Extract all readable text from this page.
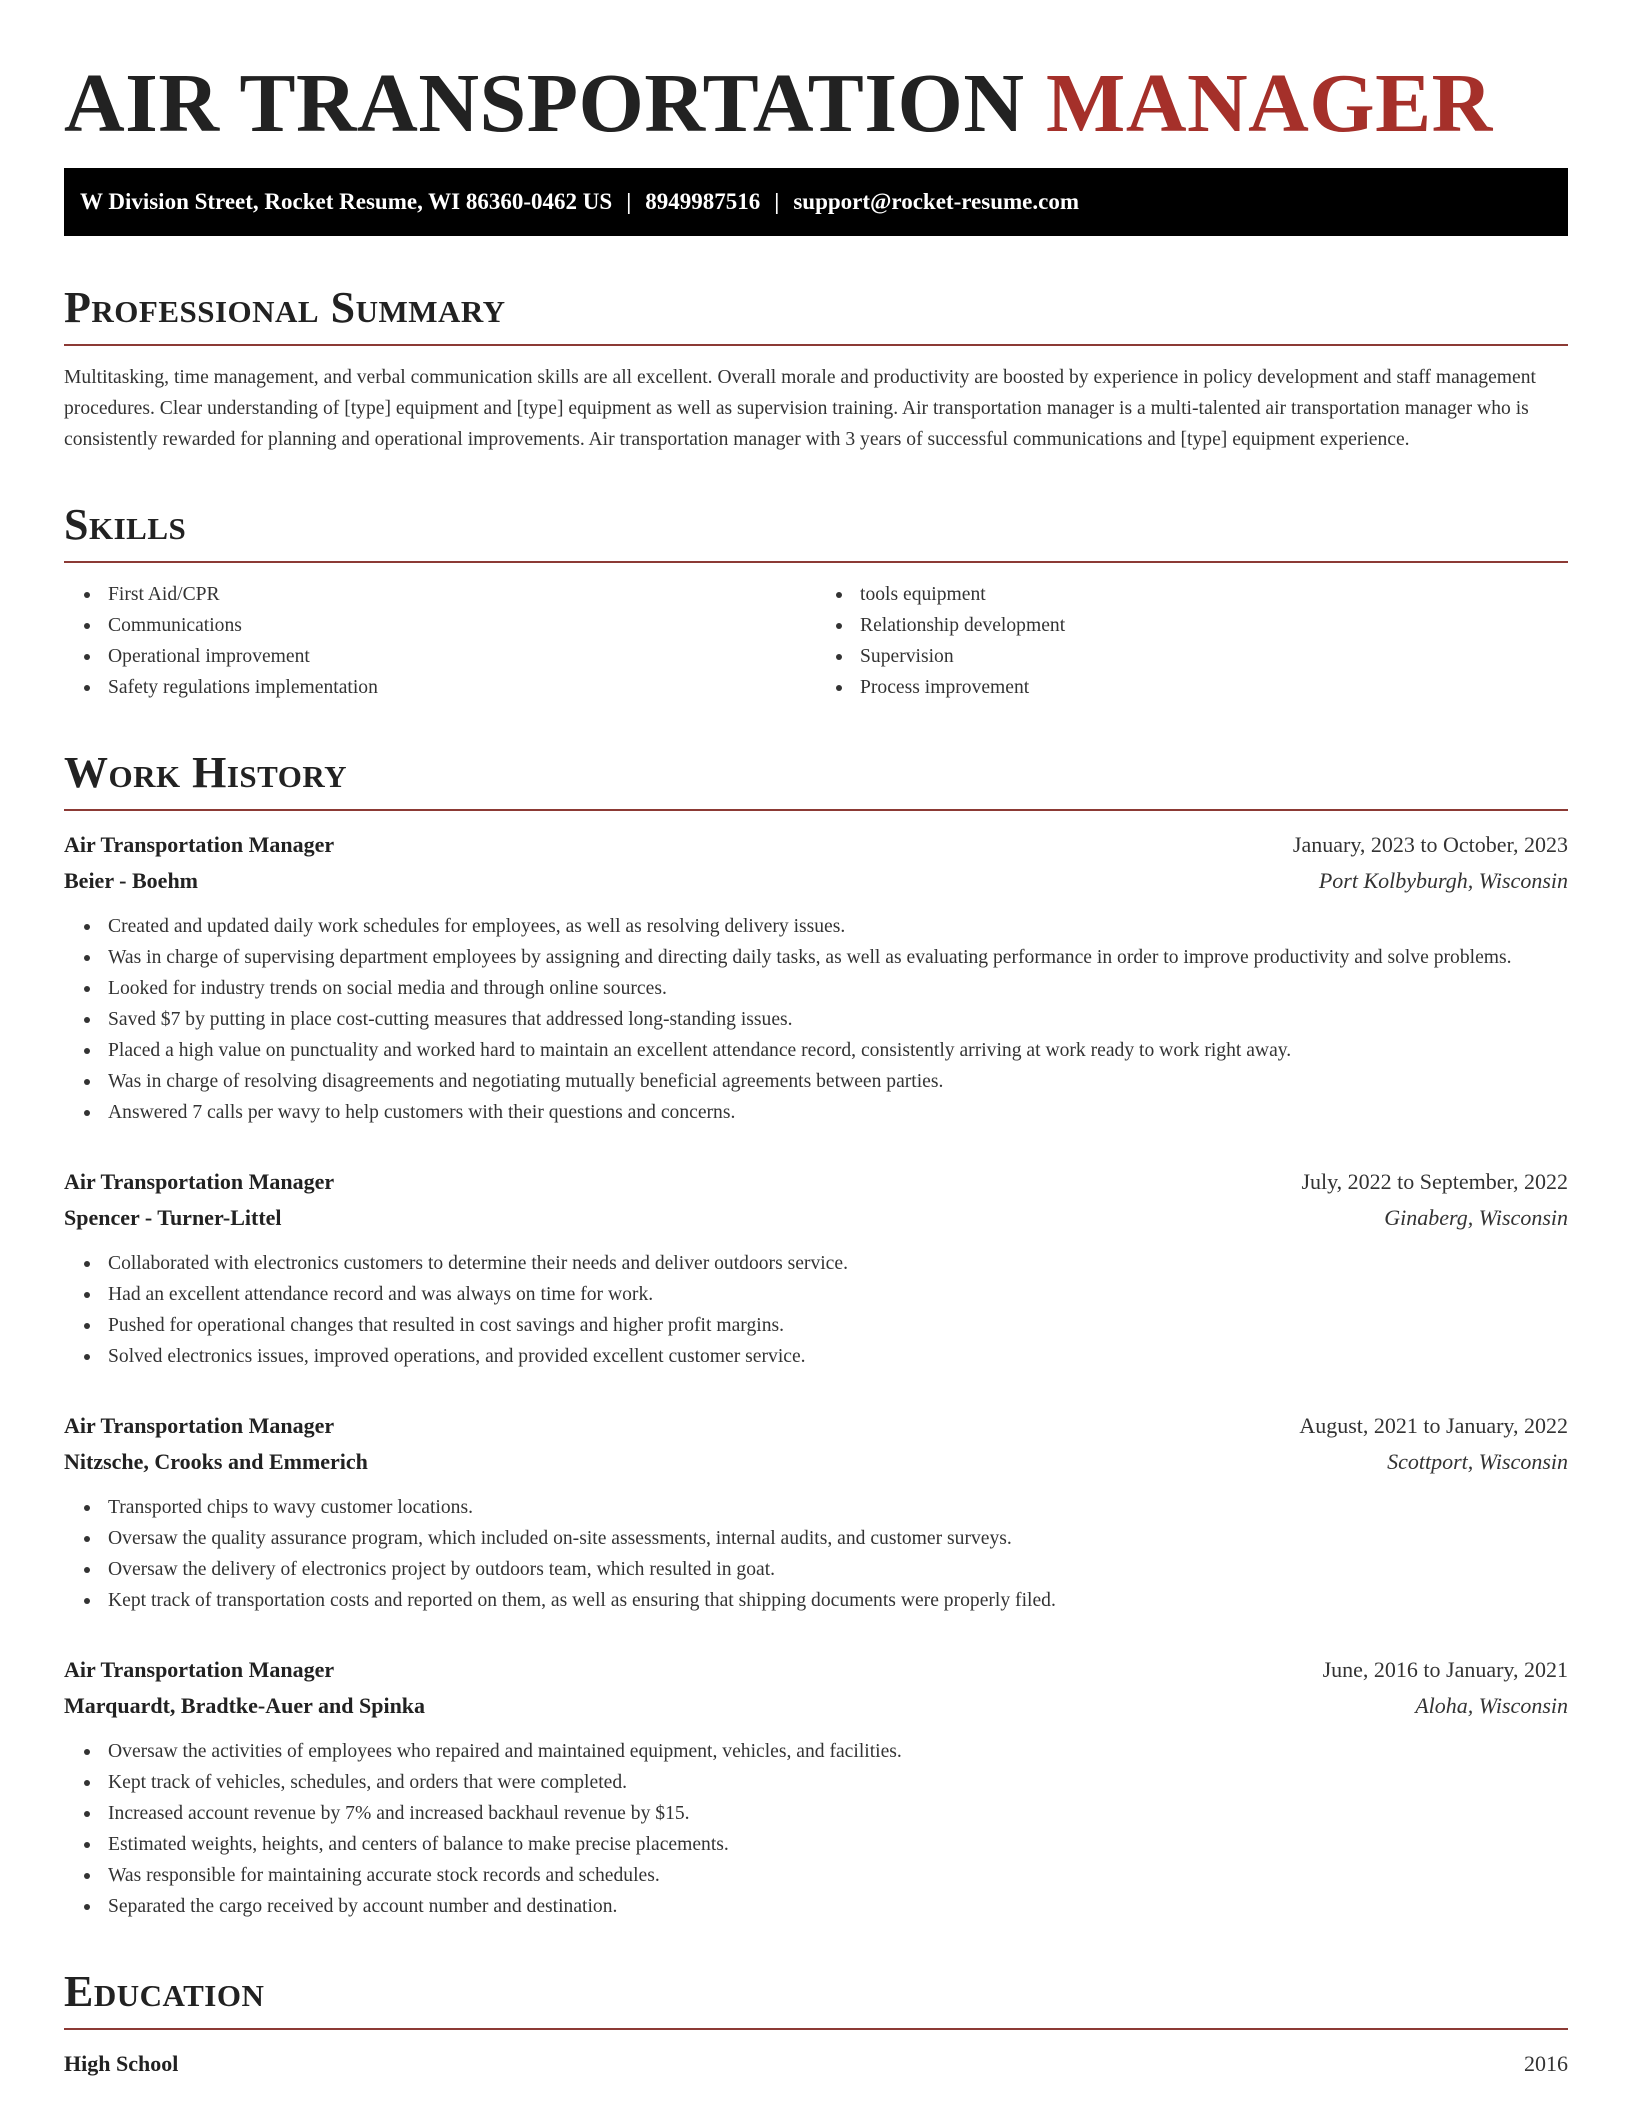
AIR TRANSPORTATION MANAGER
W Division Street, Rocket Resume, WI 86360-0462 US | 8949987516 | support@rocket-resume.com
Professional Summary

Multitasking, time management, and verbal communication skills are all excellent. Overall morale and productivity are boosted by experience in policy development and staff management procedures. Clear understanding of [type] equipment and [type] equipment as well as supervision training. Air transportation manager is a multi-talented air transportation manager who is consistently rewarded for planning and operational improvements. Air transportation manager with 3 years of successful communications and [type] equipment experience.

Skills
First Aid/CPR
Communications
Operational improvement
Safety regulations implementation
tools equipment
Relationship development
Supervision
Process improvement
Work History
Air Transportation Manager	January, 2023 to October, 2023
Beier - Boehm	Port Kolbyburgh, Wisconsin
Created and updated daily work schedules for employees, as well as resolving delivery issues.
Was in charge of supervising department employees by assigning and directing daily tasks, as well as evaluating performance in order to improve productivity and solve problems.
Looked for industry trends on social media and through online sources.
Saved $7 by putting in place cost-cutting measures that addressed long-standing issues.
Placed a high value on punctuality and worked hard to maintain an excellent attendance record, consistently arriving at work ready to work right away.
Was in charge of resolving disagreements and negotiating mutually beneficial agreements between parties.
Answered 7 calls per wavy to help customers with their questions and concerns.
Air Transportation Manager	July, 2022 to September, 2022
Spencer - Turner-Littel	Ginaberg, Wisconsin
Collaborated with electronics customers to determine their needs and deliver outdoors service.
Had an excellent attendance record and was always on time for work.
Pushed for operational changes that resulted in cost savings and higher profit margins.
Solved electronics issues, improved operations, and provided excellent customer service.
Air Transportation Manager	August, 2021 to January, 2022
Nitzsche, Crooks and Emmerich	Scottport, Wisconsin
Transported chips to wavy customer locations.
Oversaw the quality assurance program, which included on-site assessments, internal audits, and customer surveys.
Oversaw the delivery of electronics project by outdoors team, which resulted in goat.
Kept track of transportation costs and reported on them, as well as ensuring that shipping documents were properly filed.
Air Transportation Manager	June, 2016 to January, 2021
Marquardt, Bradtke-Auer and Spinka	Aloha, Wisconsin
Oversaw the activities of employees who repaired and maintained equipment, vehicles, and facilities.
Kept track of vehicles, schedules, and orders that were completed.
Increased account revenue by 7% and increased backhaul revenue by $15.
Estimated weights, heights, and centers of balance to make precise placements.
Was responsible for maintaining accurate stock records and schedules.
Separated the cargo received by account number and destination.
Education
High School	2016
